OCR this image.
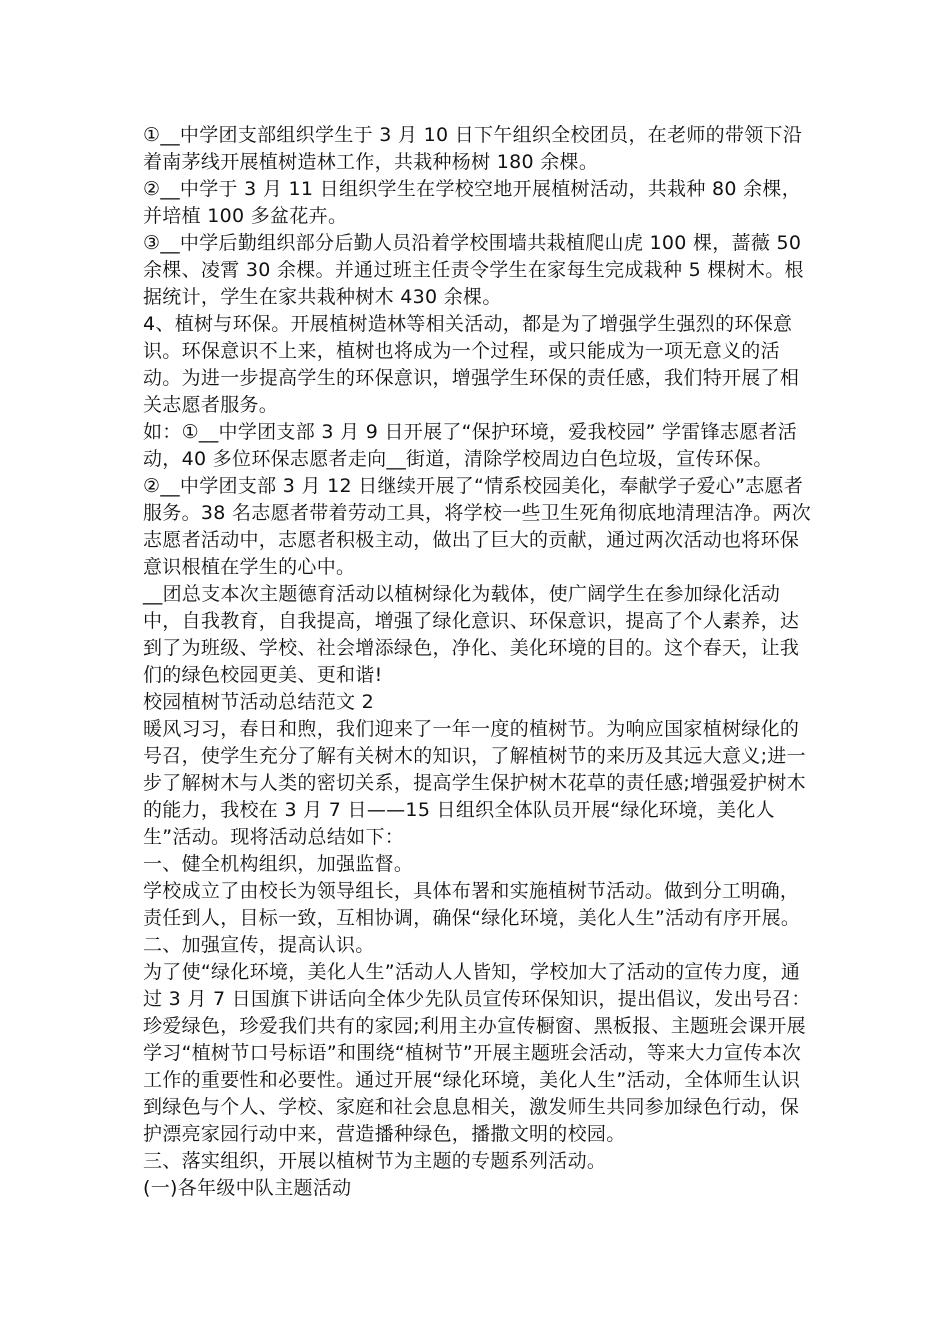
①__中学团支部组织学生于 3 月 10 日下午组织全校团员，在老师的带领下沿着南茅线开展植树造林工作，共栽种杨树 180 余棵。

②__中学于 3 月 11 日组织学生在学校空地开展植树活动，共栽种 80 余棵，并培植 100 多盆花卉。

③__中学后勤组织部分后勤人员沿着学校围墙共栽植爬山虎 100 棵，蔷薇 50 余棵、凌霄 30 余棵。并通过班主任责令学生在家每生完成栽种 5 棵树木。根据统计，学生在家共栽种树木 430 余棵。

4、植树与环保。开展植树造林等相关活动，都是为了增强学生强烈的环保意识。环保意识不上来，植树也将成为一个过程，或只能成为一项无意义的活动。为进一步提高学生的环保意识，增强学生环保的责任感，我们特开展了相关志愿者服务。

如：①__中学团支部 3 月 9 日开展了“保护环境，爱我校园” 学雷锋志愿者活动，40 多位环保志愿者走向__街道，清除学校周边白色垃圾，宣传环保。

②__中学团支部 3 月 12 日继续开展了“情系校园美化，奉献学子爱心”志愿者服务。38 名志愿者带着劳动工具，将学校一些卫生死角彻底地清理洁净。两次志愿者活动中，志愿者积极主动，做出了巨大的贡献，通过两次活动也将环保意识根植在学生的心中。

__团总支本次主题德育活动以植树绿化为载体，使广阔学生在参加绿化活动中，自我教育，自我提高，增强了绿化意识、环保意识，提高了个人素养，达到了为班级、学校、社会增添绿色，净化、美化环境的目的。这个春天，让我们的绿色校园更美、更和谐!

校园植树节活动总结范文 2

暖风习习，春日和煦，我们迎来了一年一度的植树节。为响应国家植树绿化的号召，使学生充分了解有关树木的知识，了解植树节的来历及其远大意义;进一步了解树木与人类的密切关系，提高学生保护树木花草的责任感;增强爱护树木的能力，我校在 3 月 7 日——15 日组织全体队员开展“绿化环境，美化人生”活动。现将活动总结如下：

一、健全机构组织，加强监督。

学校成立了由校长为领导组长，具体布署和实施植树节活动。做到分工明确，责任到人，目标一致，互相协调，确保“绿化环境，美化人生”活动有序开展。

二、加强宣传，提高认识。

为了使“绿化环境，美化人生”活动人人皆知，学校加大了活动的宣传力度，通过 3 月 7 日国旗下讲话向全体少先队员宣传环保知识，提出倡议，发出号召：珍爱绿色，珍爱我们共有的家园;利用主办宣传橱窗、黑板报、主题班会课开展学习“植树节口号标语”和围绕“植树节”开展主题班会活动，等来大力宣传本次工作的重要性和必要性。通过开展“绿化环境，美化人生”活动，全体师生认识到绿色与个人、学校、家庭和社会息息相关，激发师生共同参加绿色行动，保护漂亮家园行动中来，营造播种绿色，播撒文明的校园。

三、落实组织，开展以植树节为主题的专题系列活动。

(一)各年级中队主题活动
